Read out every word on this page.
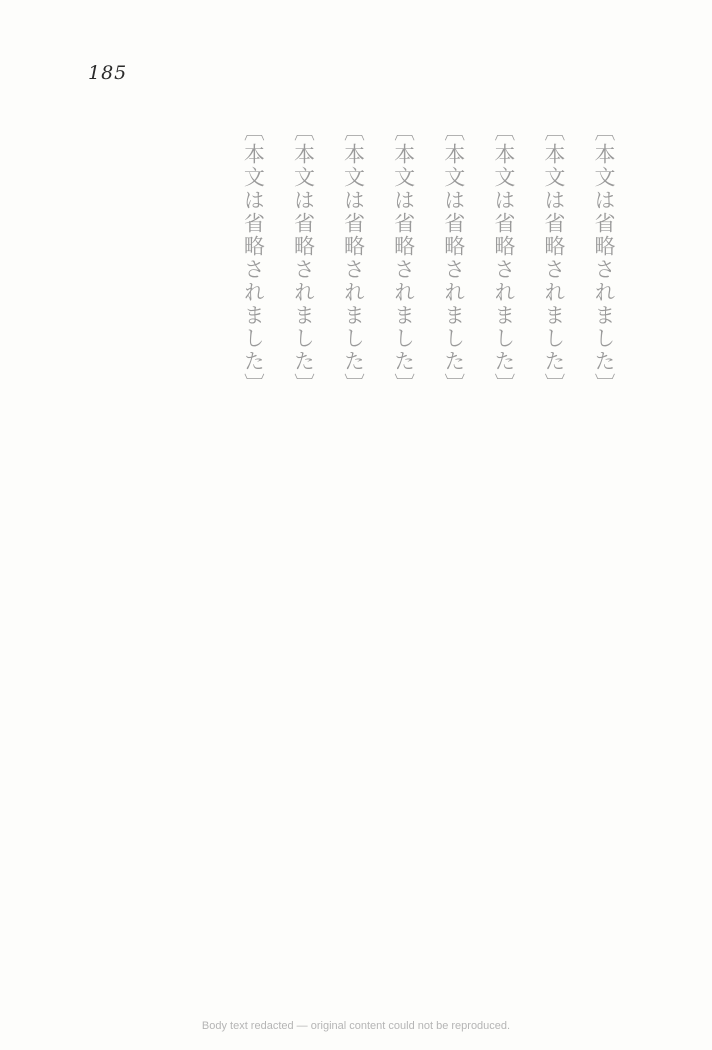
185

〔本文は省略されました〕

〔本文は省略されました〕

〔本文は省略されました〕

〔本文は省略されました〕

〔本文は省略されました〕

〔本文は省略されました〕

〔本文は省略されました〕

〔本文は省略されました〕

Body text redacted — original content could not be reproduced.
